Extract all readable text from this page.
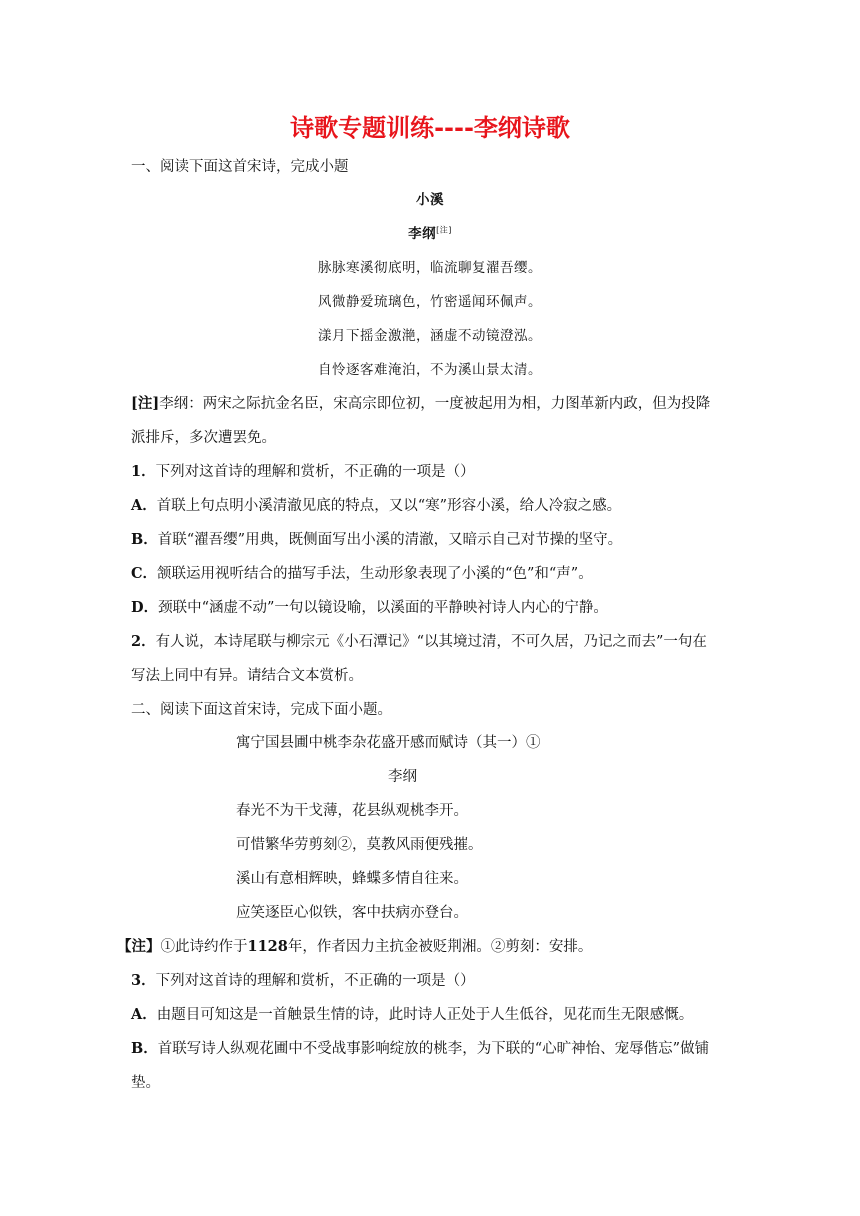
诗歌专题训练----李纲诗歌
一、阅读下面这首宋诗，完成小题
小溪
李纲[注]
脉脉寒溪彻底明，临流聊复濯吾缨。
风微静爱琉璃色，竹密遥闻环佩声。
漾月下摇金激滟，涵虚不动镜澄泓。
自怜逐客难淹泊，不为溪山景太清。
[注]李纲：两宋之际抗金名臣，宋高宗即位初，一度被起用为相，力图革新内政，但为投降
派排斥，多次遭罢免。
1．下列对这首诗的理解和赏析，不正确的一项是（）
A．首联上句点明小溪清澈见底的特点，又以“寒”形容小溪，给人冷寂之感。
B．首联“濯吾缨”用典，既侧面写出小溪的清澈，又暗示自己对节操的坚守。
C．颔联运用视听结合的描写手法，生动形象表现了小溪的“色”和“声”。
D．颈联中“涵虚不动”一句以镜设喻，以溪面的平静映衬诗人内心的宁静。
2．有人说，本诗尾联与柳宗元《小石潭记》“以其境过清，不可久居，乃记之而去”一句在
写法上同中有异。请结合文本赏析。
二、阅读下面这首宋诗，完成下面小题。
寓宁国县圃中桃李杂花盛开感而赋诗（其一）①
李纲
春光不为干戈薄，花县纵观桃李开。
可惜繁华劳剪刻②，莫教风雨便残摧。
溪山有意相辉映，蜂蝶多情自往来。
应笑逐臣心似铁，客中扶病亦登台。
【注】①此诗约作于1128年，作者因力主抗金被贬荆湘。②剪刻：安排。
3．下列对这首诗的理解和赏析，不正确的一项是（）
A．由题目可知这是一首触景生情的诗，此时诗人正处于人生低谷，见花而生无限感慨。
B．首联写诗人纵观花圃中不受战事影响绽放的桃李，为下联的“心旷神怡、宠辱偕忘”做铺
垫。
